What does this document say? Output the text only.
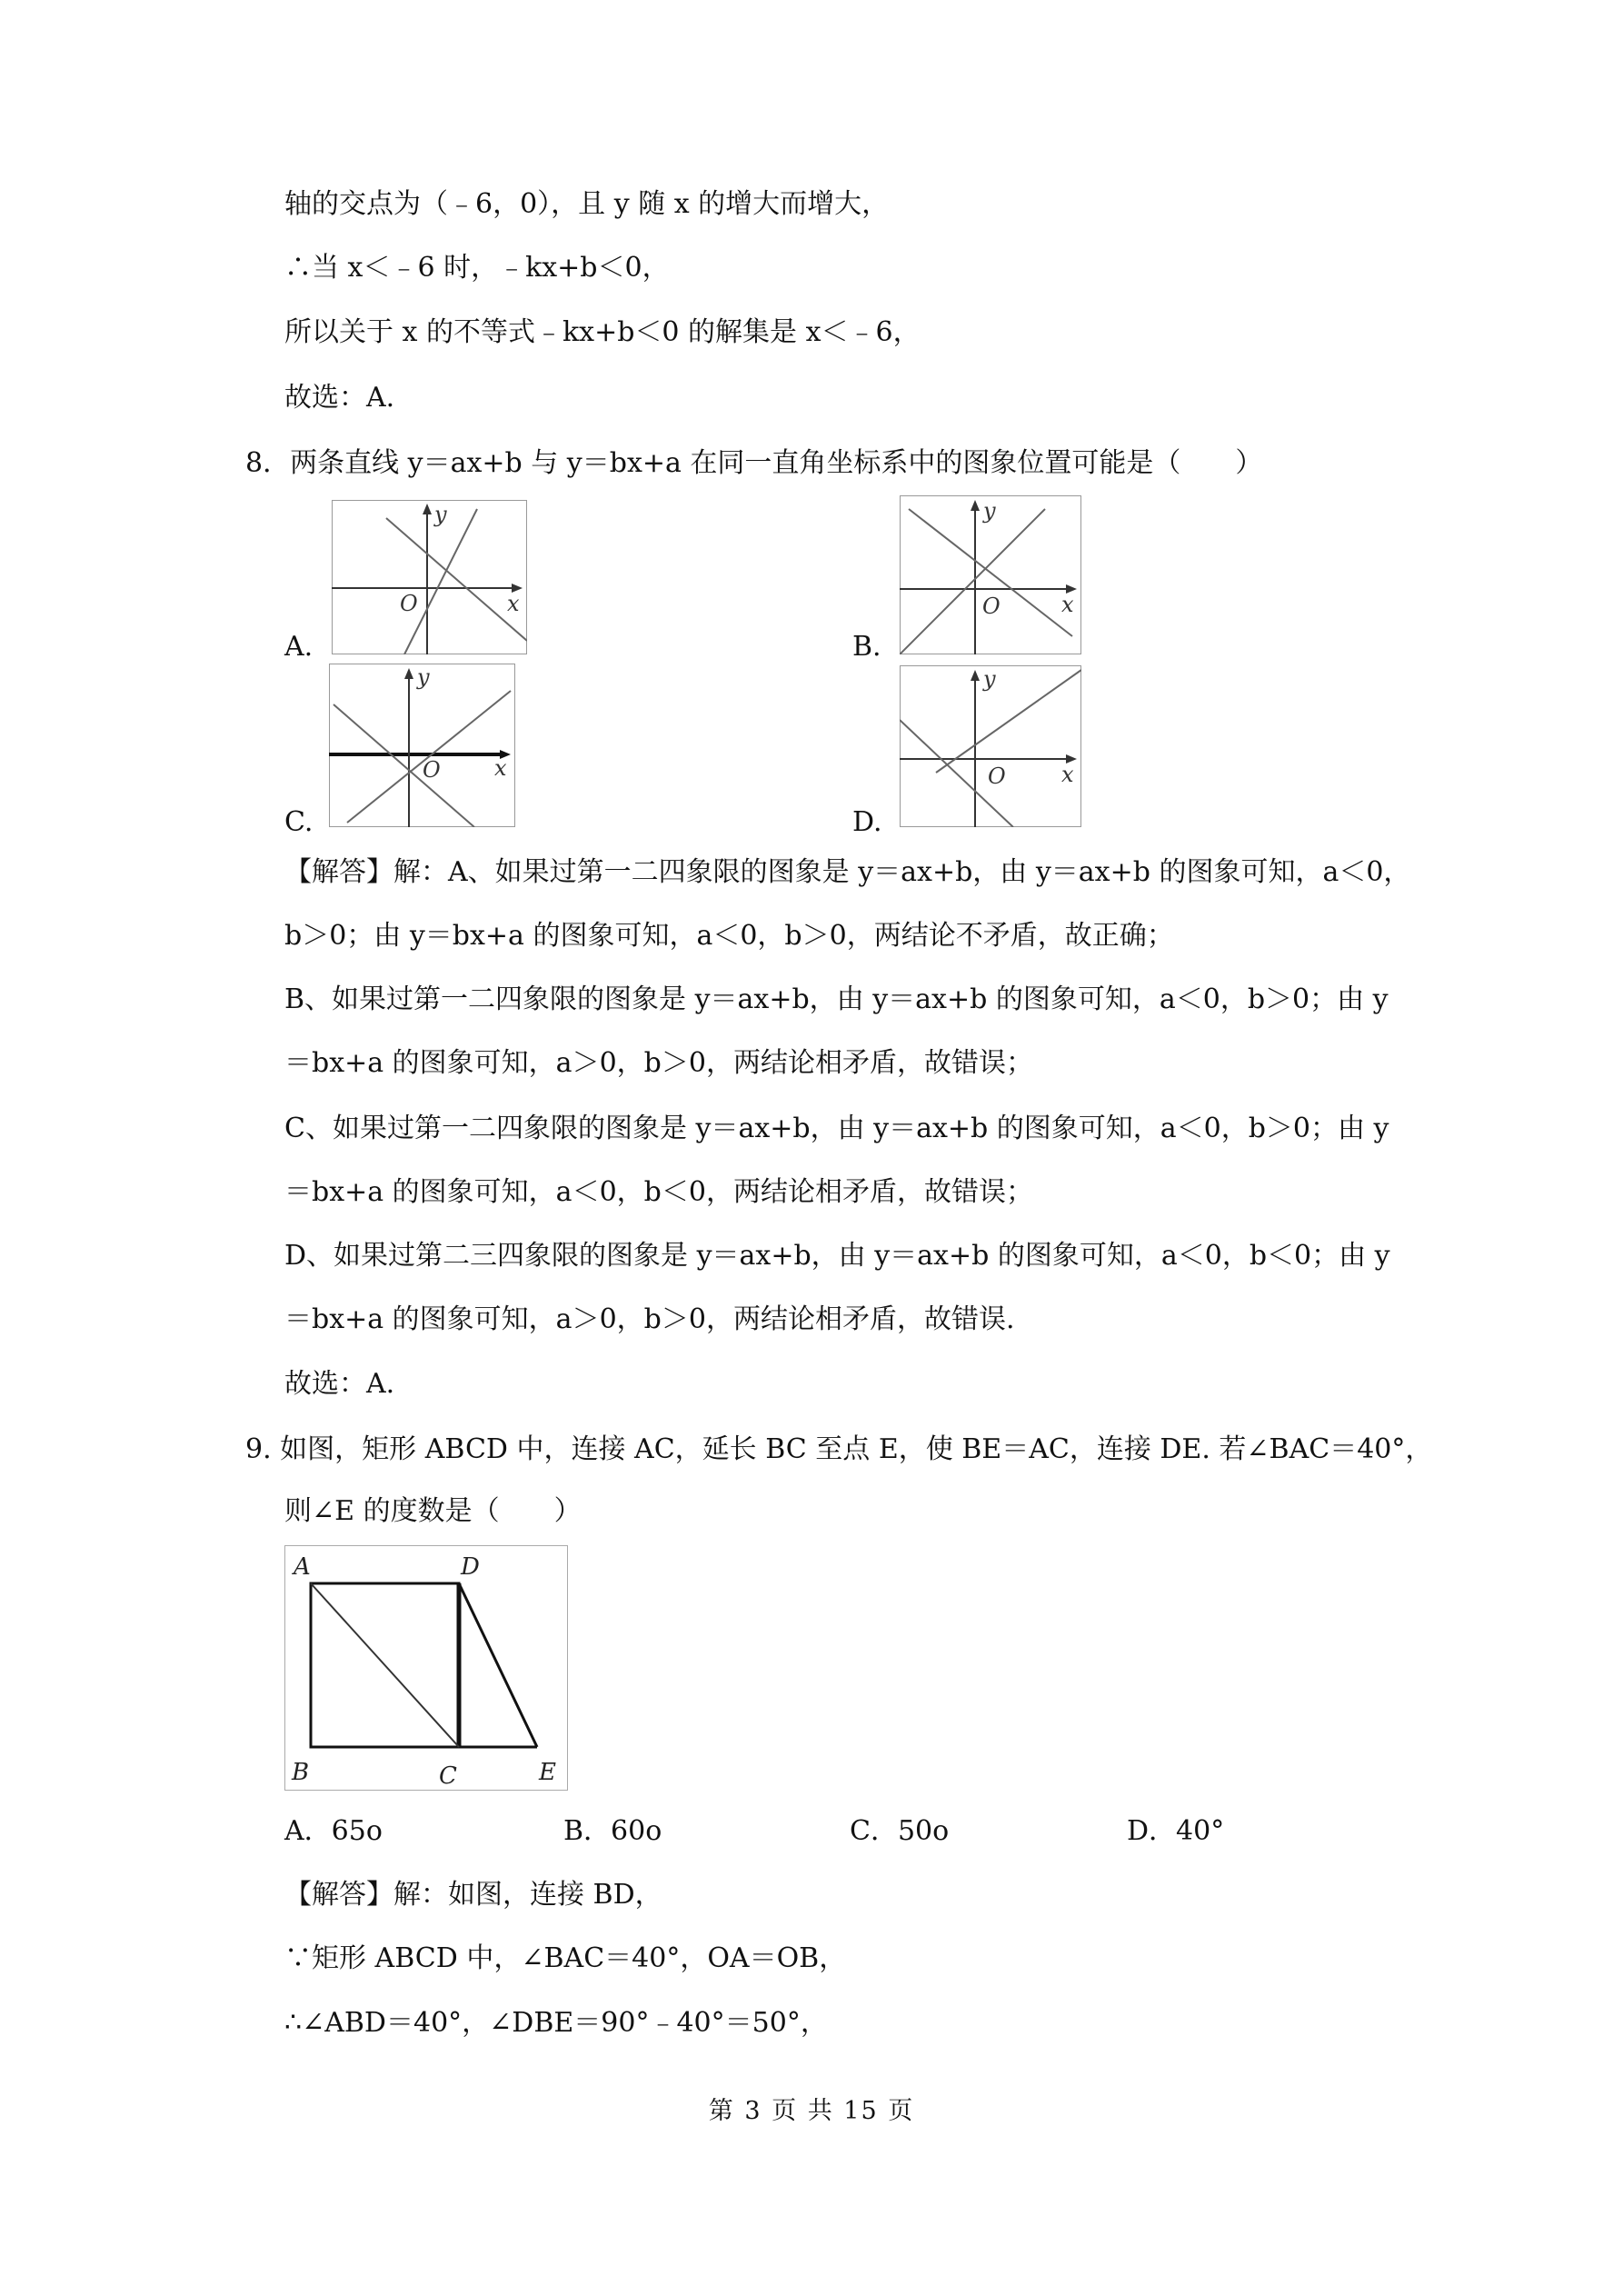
轴的交点为（﹣6，0），且 y 随 x 的增大而增大，
∴当 x＜﹣6 时，﹣kx+b＜0，
所以关于 x 的不等式﹣kx+b＜0 的解集是 x＜﹣6，
故选：A.
8．两条直线 y＝ax+b 与 y＝bx+a 在同一直角坐标系中的图象位置可能是（　　）
A.	B.
C.	D.
x
y
O	x
y
O
x
y
O	x
y
O
【解答】解：A、如果过第一二四象限的图象是 y＝ax+b，由 y＝ax+b 的图象可知，a＜0，
b＞0；由 y＝bx+a 的图象可知，a＜0，b＞0，两结论不矛盾，故正确；
B、如果过第一二四象限的图象是 y＝ax+b，由 y＝ax+b 的图象可知，a＜0，b＞0；由 y
＝bx+a 的图象可知，a＞0，b＞0，两结论相矛盾，故错误；
C、如果过第一二四象限的图象是 y＝ax+b，由 y＝ax+b 的图象可知，a＜0，b＞0；由 y
＝bx+a 的图象可知，a＜0，b＜0，两结论相矛盾，故错误；
D、如果过第二三四象限的图象是 y＝ax+b，由 y＝ax+b 的图象可知，a＜0，b＜0；由 y
＝bx+a 的图象可知，a＞0，b＞0，两结论相矛盾，故错误.
故选：A.
9. 如图，矩形 ABCD 中，连接 AC，延长 BC 至点 E，使 BE＝AC，连接 DE. 若∠BAC＝40°，
则∠E 的度数是（　　）
A	D
B	C	E
A．65o	B．60o	C．50o	D．40°
【解答】解：如图，连接 BD，
∵矩形 ABCD 中，∠BAC＝40°，OA＝OB，
∴∠ABD＝40°，∠DBE＝90°﹣40°＝50°，
第 3 页 共 15 页
